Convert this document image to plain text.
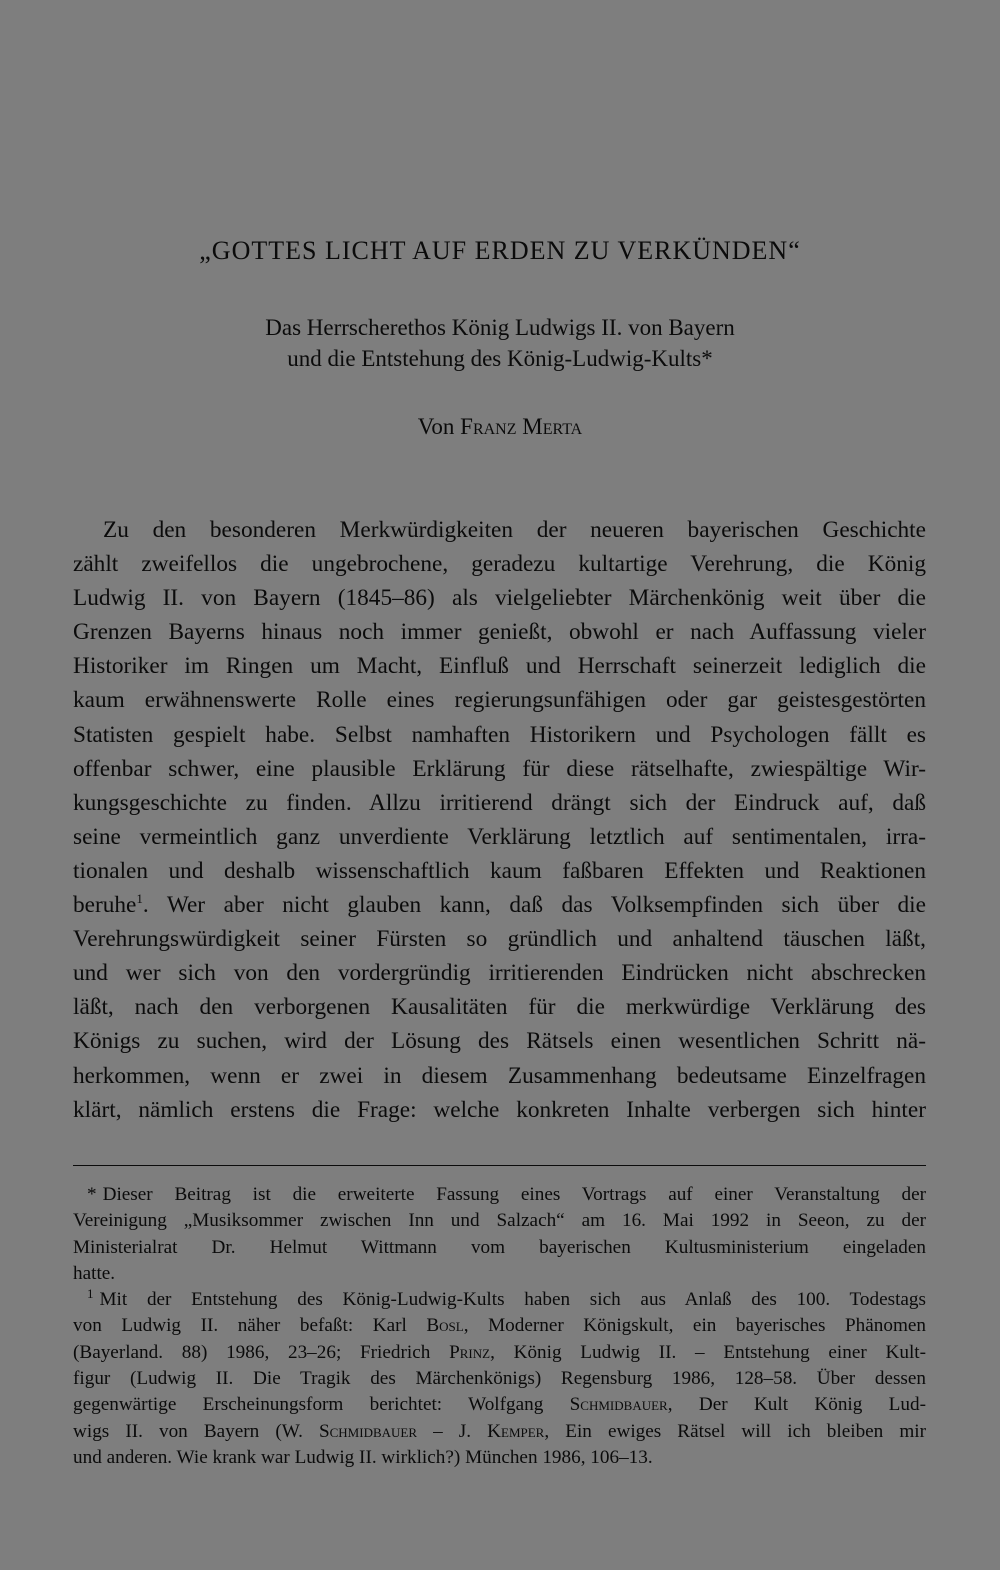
„GOTTES LICHT AUF ERDEN ZU VERKÜNDEN“
Das Herrscherethos König Ludwigs II. von Bayern
und die Entstehung des König-Ludwig-Kults*
Von Franz Merta
Zu den besonderen Merkwürdigkeiten der neueren bayerischen Geschichte
zählt zweifellos die ungebrochene, geradezu kultartige Verehrung, die König
Ludwig II. von Bayern (1845–86) als vielgeliebter Märchenkönig weit über die
Grenzen Bayerns hinaus noch immer genießt, obwohl er nach Auffassung vieler
Historiker im Ringen um Macht, Einfluß und Herrschaft seinerzeit lediglich die
kaum erwähnenswerte Rolle eines regierungsunfähigen oder gar geistesgestörten
Statisten gespielt habe. Selbst namhaften Historikern und Psychologen fällt es
offenbar schwer, eine plausible Erklärung für diese rätselhafte, zwiespältige Wir-
kungsgeschichte zu finden. Allzu irritierend drängt sich der Eindruck auf, daß
seine vermeintlich ganz unverdiente Verklärung letztlich auf sentimentalen, irra-
tionalen und deshalb wissenschaftlich kaum faßbaren Effekten und Reaktionen
beruhe$^1$. Wer aber nicht glauben kann, daß das Volksempfinden sich über die
Verehrungswürdigkeit seiner Fürsten so gründlich und anhaltend täuschen läßt,
und wer sich von den vordergründig irritierenden Eindrücken nicht abschrecken
läßt, nach den verborgenen Kausalitäten für die merkwürdige Verklärung des
Königs zu suchen, wird der Lösung des Rätsels einen wesentlichen Schritt nä-
herkommen, wenn er zwei in diesem Zusammenhang bedeutsame Einzelfragen
klärt, nämlich erstens die Frage: welche konkreten Inhalte verbergen sich hinter
* Dieser Beitrag ist die erweiterte Fassung eines Vortrags auf einer Veranstaltung der
Vereinigung „Musiksommer zwischen Inn und Salzach“ am 16. Mai 1992 in Seeon, zu der
Ministerialrat Dr. Helmut Wittmann vom bayerischen Kultusministerium eingeladen
hatte.
$^1$ Mit der Entstehung des König-Ludwig-Kults haben sich aus Anlaß des 100. Todestags
von Ludwig II. näher befaßt: Karl Bosl, Moderner Königskult, ein bayerisches Phänomen
(Bayerland. 88) 1986, 23–26; Friedrich Prinz, König Ludwig II. – Entstehung einer Kult-
figur (Ludwig II. Die Tragik des Märchenkönigs) Regensburg 1986, 128–58. Über dessen
gegenwärtige Erscheinungsform berichtet: Wolfgang Schmidbauer, Der Kult König Lud-
wigs II. von Bayern (W. Schmidbauer – J. Kemper, Ein ewiges Rätsel will ich bleiben mir
und anderen. Wie krank war Ludwig II. wirklich?) München 1986, 106–13.
